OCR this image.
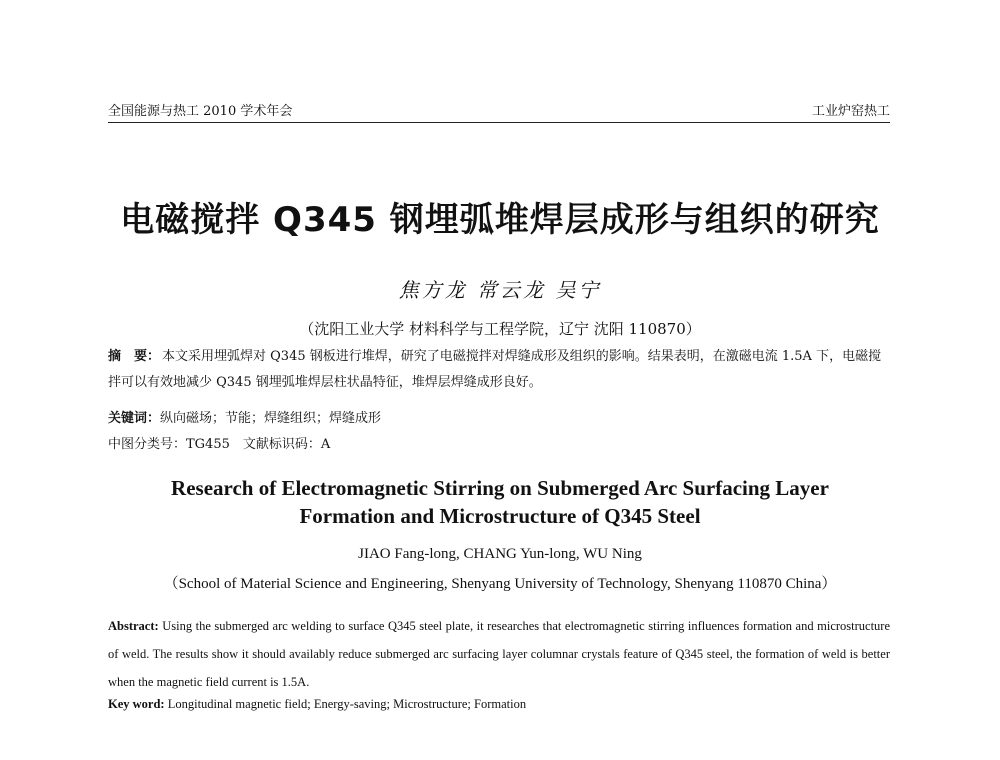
全国能源与热工 2010 学术年会	工业炉窑热工
电磁搅拌 Q345 钢埋弧堆焊层成形与组织的研究
焦方龙 常云龙 吴宁
（沈阳工业大学 材料科学与工程学院，辽宁 沈阳 110870）
摘　要： 本文采用埋弧焊对 Q345 钢板进行堆焊，研究了电磁搅拌对焊缝成形及组织的影响。结果表明，在激磁电流 1.5A 下，电磁搅拌可以有效地减少 Q345 钢埋弧堆焊层柱状晶特征，堆焊层焊缝成形良好。
关键词：纵向磁场；节能；焊缝组织；焊缝成形
中图分类号：TG455　文献标识码：A
Research of Electromagnetic Stirring on Submerged Arc Surfacing Layer
Formation and Microstructure of Q345 Steel
JIAO Fang-long, CHANG Yun-long, WU Ning
（School of Material Science and Engineering, Shenyang University of Technology, Shenyang 110870 China）
Abstract: Using the submerged arc welding to surface Q345 steel plate, it researches that electromagnetic stirring influences formation and microstructure of weld. The results show it should availably reduce submerged arc surfacing layer columnar crystals feature of Q345 steel, the formation of weld is better when the magnetic field current is 1.5A.
Key word: Longitudinal magnetic field; Energy-saving; Microstructure; Formation
